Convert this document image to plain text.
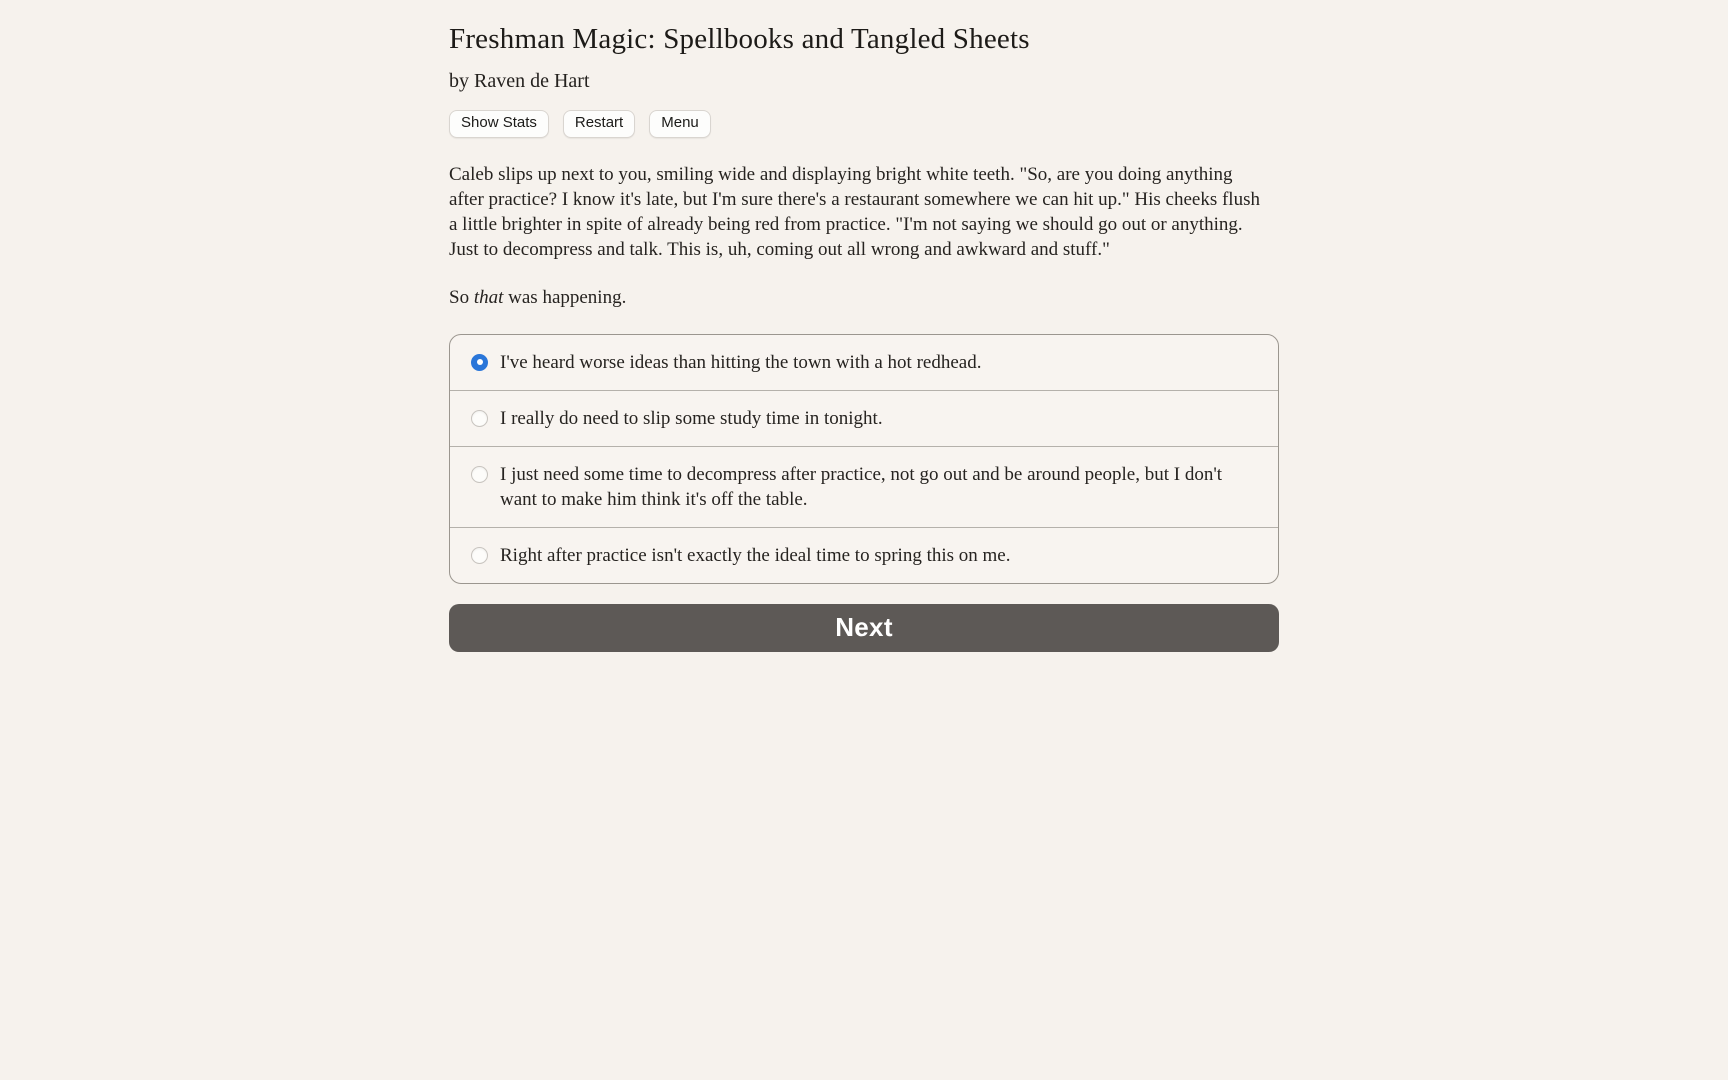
Freshman Magic: Spellbooks and Tangled Sheets
by Raven de Hart
Show Stats	Restart	Menu

Caleb slips up next to you, smiling wide and displaying bright white teeth. "So, are you doing anything after practice? I know it's late, but I'm sure there's a restaurant somewhere we can hit up." His cheeks flush a little brighter in spite of already being red from practice. "I'm not saying we should go out or anything. Just to decompress and talk. This is, uh, coming out all wrong and awkward and stuff."

So that was happening.

I've heard worse ideas than hitting the town with a hot redhead.
I really do need to slip some study time in tonight.
I just need some time to decompress after practice, not go out and be around people, but I don't want to make him think it's off the table.
Right after practice isn't exactly the ideal time to spring this on me.
Next
